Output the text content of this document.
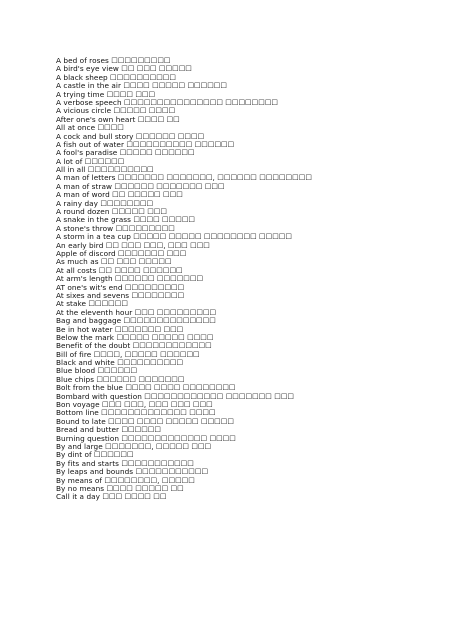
A bed of roses ☐☐☐☐☐☐☐☐☐
A bird's eye view ☐☐ ☐☐☐ ☐☐☐☐☐
A black sheep ☐☐☐☐☐☐☐☐☐☐
A castle in the air ☐☐☐☐ ☐☐☐☐☐ ☐☐☐☐☐☐
A trying time ☐☐☐☐ ☐☐☐
A verbose speech ☐☐☐☐☐☐☐☐☐☐☐☐☐☐☐ ☐☐☐☐☐☐☐☐
A vicious circle ☐☐☐☐☐ ☐☐☐☐
After one's own heart ☐☐☐☐ ☐☐
All at once ☐☐☐☐
A cock and bull story ☐☐☐☐☐☐ ☐☐☐☐
A fish out of water ☐☐☐☐☐☐☐☐☐☐ ☐☐☐☐☐☐
A fool's paradise ☐☐☐☐☐ ☐☐☐☐☐☐
A lot of ☐☐☐☐☐☐
All in all ☐☐☐☐☐☐☐☐☐☐
A man of letters ☐☐☐☐☐☐☐ ☐☐☐☐☐☐☐, ☐☐☐☐☐☐ ☐☐☐☐☐☐☐☐
A man of straw ☐☐☐☐☐☐ ☐☐☐☐☐☐☐ ☐☐☐
A man of word ☐☐ ☐☐☐☐☐ ☐☐☐
A rainy day ☐☐☐☐☐☐☐☐
A round dozen ☐☐☐☐☐ ☐☐☐
A snake in the grass ☐☐☐☐ ☐☐☐☐☐
A stone's throw ☐☐☐☐☐☐☐☐☐
A storm in a tea cup ☐☐☐☐☐ ☐☐☐☐☐ ☐☐☐☐☐☐☐☐ ☐☐☐☐☐
An early bird ☐☐ ☐☐☐ ☐☐☐, ☐☐☐ ☐☐☐
Apple of discord ☐☐☐☐☐☐☐ ☐☐☐
As much as ☐☐ ☐☐☐ ☐☐☐☐☐
At all costs ☐☐ ☐☐☐☐ ☐☐☐☐☐☐
At arm's length ☐☐☐☐☐☐ ☐☐☐☐☐☐☐
AT one's wit's end ☐☐☐☐☐☐☐☐☐
At sixes and sevens ☐☐☐☐☐☐☐☐
At stake ☐☐☐☐☐☐
At the eleventh hour ☐☐☐ ☐☐☐☐☐☐☐☐☐
Bag and baggage ☐☐☐☐☐☐☐☐☐☐☐☐☐☐
Be in hot water ☐☐☐☐☐☐☐ ☐☐☐
Below the mark ☐☐☐☐☐ ☐☐☐☐☐ ☐☐☐☐
Benefit of the doubt ☐☐☐☐☐☐☐☐☐☐☐☐
Bill of fire ☐☐☐☐, ☐☐☐☐☐ ☐☐☐☐☐☐
Black and white ☐☐☐☐☐☐☐☐☐☐
Blue blood ☐☐☐☐☐☐
Blue chips ☐☐☐☐☐☐ ☐☐☐☐☐☐☐
Bolt from the blue ☐☐☐☐ ☐☐☐☐ ☐☐☐☐☐☐☐☐
Bombard with question ☐☐☐☐☐☐☐☐☐☐☐☐ ☐☐☐☐☐☐☐ ☐☐☐
Bon voyage ☐☐☐ ☐☐☐, ☐☐☐ ☐☐☐ ☐☐☐
Bottom line ☐☐☐☐☐☐☐☐☐☐☐☐☐ ☐☐☐☐
Bound to late ☐☐☐☐ ☐☐☐☐ ☐☐☐☐☐ ☐☐☐☐☐
Bread and butter ☐☐☐☐☐☐
Burning question ☐☐☐☐☐☐☐☐☐☐☐☐☐ ☐☐☐☐
By and large ☐☐☐☐☐☐☐, ☐☐☐☐☐ ☐☐☐
By dint of ☐☐☐☐☐☐
By fits and starts ☐☐☐☐☐☐☐☐☐☐☐
By leaps and bounds ☐☐☐☐☐☐☐☐☐☐☐
By means of ☐☐☐☐☐☐☐☐, ☐☐☐☐☐
By no means ☐☐☐☐ ☐☐☐☐☐ ☐☐
Call it a day ☐☐☐ ☐☐☐☐ ☐☐
